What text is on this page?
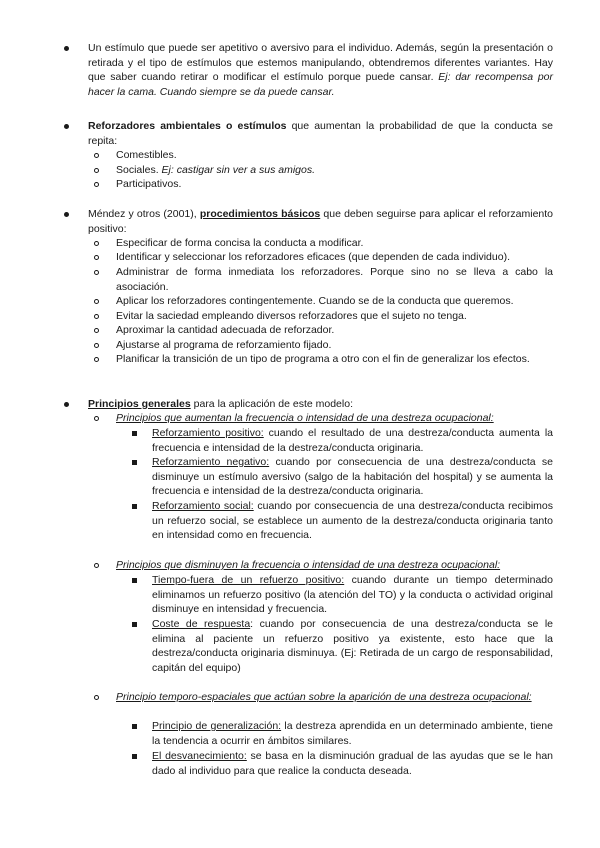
Un estímulo que puede ser apetitivo o aversivo para el individuo. Además, según la presentación o retirada y el tipo de estímulos que estemos manipulando, obtendremos diferentes variantes. Hay que saber cuando retirar o modificar el estímulo porque puede cansar. Ej: dar recompensa por hacer la cama. Cuando siempre se da puede cansar.
Reforzadores ambientales o estímulos que aumentan la probabilidad de que la conducta se repita:
Comestibles.
Sociales. Ej: castigar sin ver a sus amigos.
Participativos.
Méndez y otros (2001), procedimientos básicos que deben seguirse para aplicar el reforzamiento positivo:
Especificar de forma concisa la conducta a modificar.
Identificar y seleccionar los reforzadores eficaces (que dependen de cada individuo).
Administrar de forma inmediata los reforzadores. Porque sino no se lleva a cabo la asociación.
Aplicar los reforzadores contingentemente. Cuando se de la conducta que queremos.
Evitar la saciedad empleando diversos reforzadores que el sujeto no tenga.
Aproximar la cantidad adecuada de reforzador.
Ajustarse al programa de reforzamiento fijado.
Planificar la transición de un tipo de programa a otro con el fin de generalizar los efectos.
Principios generales para la aplicación de este modelo:
Principios que aumentan la frecuencia o intensidad de una destreza ocupacional:
Reforzamiento positivo: cuando el resultado de una destreza/conducta aumenta la frecuencia e intensidad de la destreza/conducta originaria.
Reforzamiento negativo: cuando por consecuencia de una destreza/conducta se disminuye un estímulo aversivo (salgo de la habitación del hospital) y se aumenta la frecuencia e intensidad de la destreza/conducta originaria.
Reforzamiento social: cuando por consecuencia de una destreza/conducta recibimos un refuerzo social, se establece un aumento de la destreza/conducta originaria tanto en intensidad como en frecuencia.
Principios que disminuyen la frecuencia o intensidad de una destreza ocupacional:
Tiempo-fuera de un refuerzo positivo: cuando durante un tiempo determinado eliminamos un refuerzo positivo (la atención del TO) y la conducta o actividad original disminuye en intensidad y frecuencia.
Coste de respuesta: cuando por consecuencia de una destreza/conducta se le elimina al paciente un refuerzo positivo ya existente, esto hace que la destreza/conducta originaria disminuya. (Ej: Retirada de un cargo de responsabilidad, capitán del equipo)
Principio temporo-espaciales que actúan sobre la aparición de una destreza ocupacional:
Principio de generalización: la destreza aprendida en un determinado ambiente, tiene la tendencia a ocurrir en ámbitos similares.
El desvanecimiento: se basa en la disminución gradual de las ayudas que se le han dado al individuo para que realice la conducta deseada.
